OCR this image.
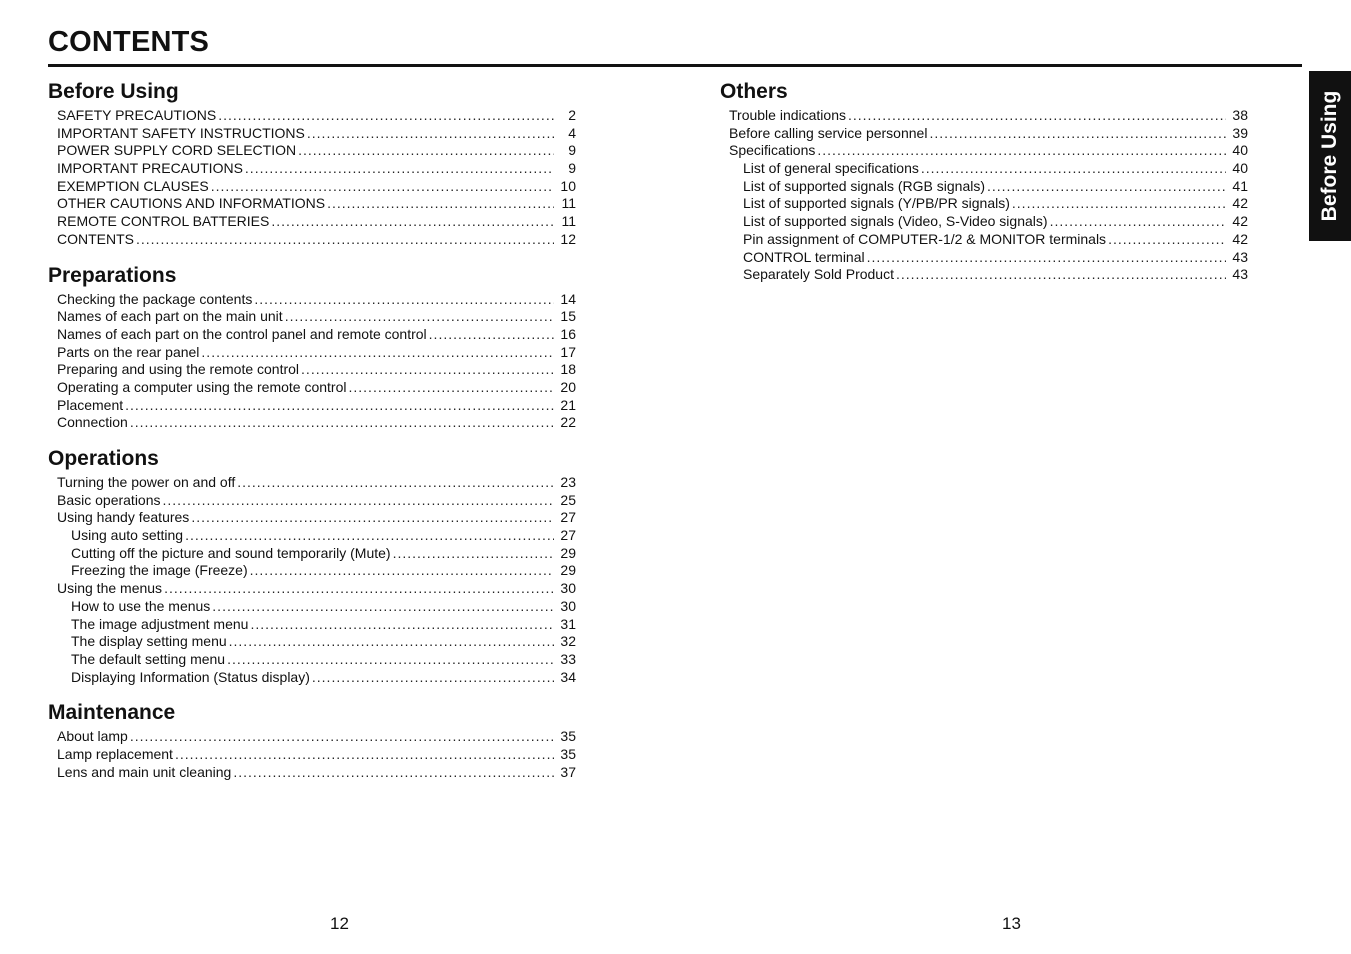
CONTENTS
Before Using
SAFETY PRECAUTIONS .....	2
IMPORTANT SAFETY INSTRUCTIONS .....	4
POWER SUPPLY CORD SELECTION .....	9
IMPORTANT PRECAUTIONS .....	9
EXEMPTION CLAUSES .....	10
OTHER CAUTIONS AND INFORMATIONS .....	11
REMOTE CONTROL BATTERIES .....	11
CONTENTS .....	12
Preparations
Checking the package contents .....	14
Names of each part on the main unit .....	15
Names of each part on the control panel and remote control .....	16
Parts on the rear panel .....	17
Preparing and using the remote control .....	18
Operating a computer using the remote control .....	20
Placement .....	21
Connection .....	22
Operations
Turning the power on and off .....	23
Basic operations .....	25
Using handy features .....	27
Using auto setting .....	27
Cutting off the picture and sound temporarily (Mute) .....	29
Freezing the image (Freeze) .....	29
Using the menus .....	30
How to use the menus .....	30
The image adjustment menu .....	31
The display setting menu .....	32
The default setting menu .....	33
Displaying Information (Status display) .....	34
Maintenance
About lamp .....	35
Lamp replacement .....	35
Lens and main unit cleaning .....	37
Others
Trouble indications .....	38
Before calling service personnel .....	39
Specifications .....	40
List of general specifications .....	40
List of supported signals (RGB signals) .....	41
List of supported signals (Y/PB/PR signals) .....	42
List of supported signals (Video, S-Video signals) .....	42
Pin assignment of COMPUTER-1/2 & MONITOR terminals .....	42
CONTROL terminal .....	43
Separately Sold Product .....	43
Before Using
12	13
